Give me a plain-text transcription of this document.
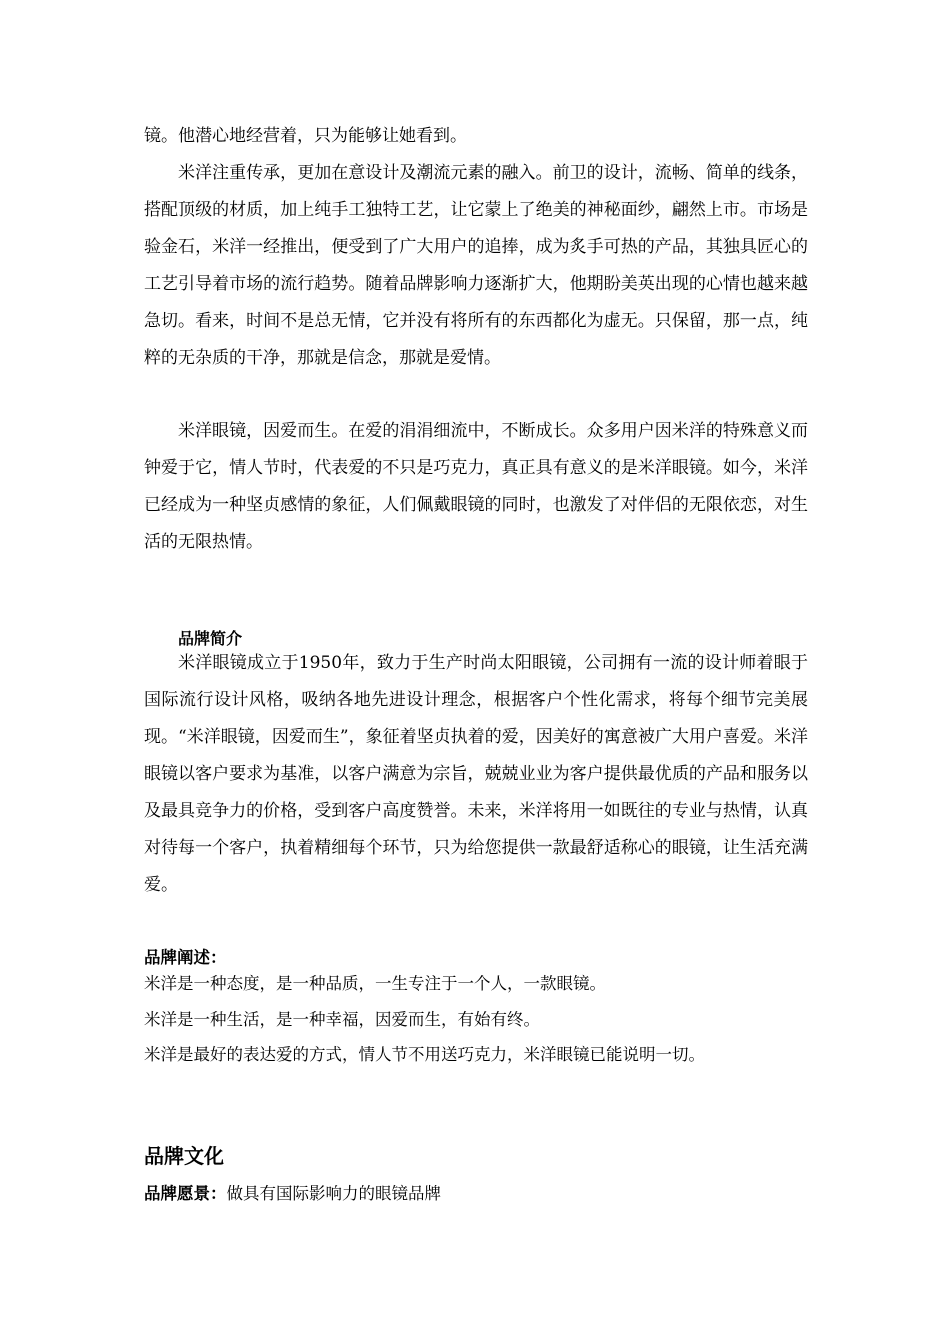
镜。他潜心地经营着，只为能够让她看到。

米洋注重传承，更加在意设计及潮流元素的融入。前卫的设计，流畅、简单的线条，搭配顶级的材质，加上纯手工独特工艺，让它蒙上了绝美的神秘面纱，翩然上市。市场是验金石，米洋一经推出，便受到了广大用户的追捧，成为炙手可热的产品，其独具匠心的工艺引导着市场的流行趋势。随着品牌影响力逐渐扩大，他期盼美英出现的心情也越来越急切。看来，时间不是总无情，它并没有将所有的东西都化为虚无。只保留，那一点，纯粹的无杂质的干净，那就是信念，那就是爱情。

米洋眼镜，因爱而生。在爱的涓涓细流中，不断成长。众多用户因米洋的特殊意义而钟爱于它，情人节时，代表爱的不只是巧克力，真正具有意义的是米洋眼镜。如今，米洋已经成为一种坚贞感情的象征，人们佩戴眼镜的同时，也激发了对伴侣的无限依恋，对生活的无限热情。

品牌简介

米洋眼镜成立于1950年，致力于生产时尚太阳眼镜，公司拥有一流的设计师着眼于国际流行设计风格，吸纳各地先进设计理念，根据客户个性化需求，将每个细节完美展现。“米洋眼镜，因爱而生”，象征着坚贞执着的爱，因美好的寓意被广大用户喜爱。米洋眼镜以客户要求为基准，以客户满意为宗旨，兢兢业业为客户提供最优质的产品和服务以及最具竞争力的价格，受到客户高度赞誉。未来，米洋将用一如既往的专业与热情，认真对待每一个客户，执着精细每个环节，只为给您提供一款最舒适称心的眼镜，让生活充满爱。

品牌阐述：
米洋是一种态度，是一种品质，一生专注于一个人，一款眼镜。
米洋是一种生活，是一种幸福，因爱而生，有始有终。
米洋是最好的表达爱的方式，情人节不用送巧克力，米洋眼镜已能说明一切。
品牌文化
品牌愿景：做具有国际影响力的眼镜品牌
